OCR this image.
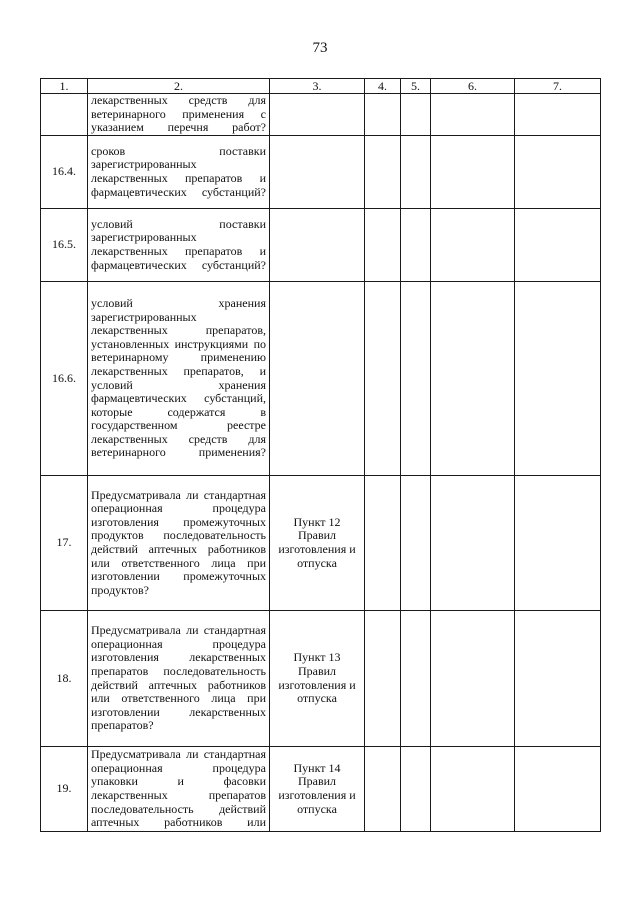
73
1.	2.	3.	4.	5.	6.	7.
	лекарственных средств для ветеринарного применения с указанием перечня работ?					
16.4.	сроков поставки зарегистрированных лекарственных препаратов и фармацевтических субстанций?					
16.5.	условий поставки зарегистрированных лекарственных препаратов и фармацевтических субстанций?					
16.6.	условий хранения зарегистрированных лекарственных препаратов, установленных инструкциями по ветеринарному применению лекарственных препаратов, и условий хранения фармацевтических субстанций, которые содержатся в государственном реестре лекарственных средств для ветеринарного применения?					
17.	Предусматривала ли стандартная операционная процедура изготовления промежуточных продуктов последовательность действий аптечных работников или ответственного лица при изготовлении промежуточных продуктов?	Пункт 12 Правил изготовления и отпуска				
18.	Предусматривала ли стандартная операционная процедура изготовления лекарственных препаратов последовательность действий аптечных работников или ответственного лица при изготовлении лекарственных препаратов?	Пункт 13 Правил изготовления и отпуска				
19.	Предусматривала ли стандартная операционная процедура упаковки и фасовки лекарственных препаратов последовательность действий аптечных работников или	Пункт 14 Правил изготовления и отпуска				
